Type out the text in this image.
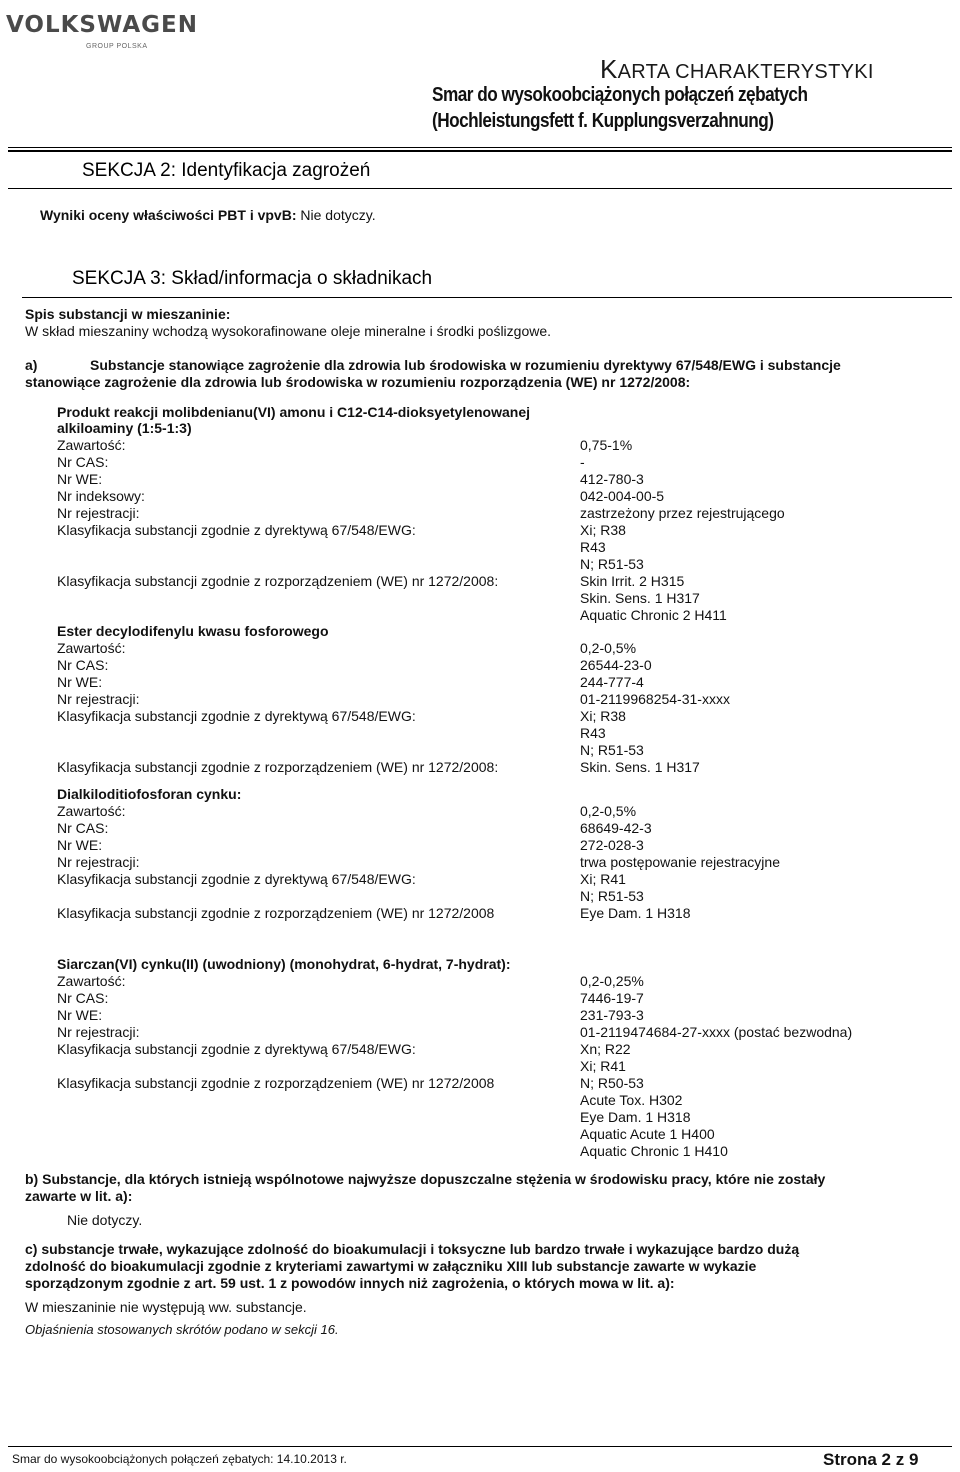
VOLKSWAGEN
GROUP POLSKA
KARTA CHARAKTERYSTYKI
Smar do wysokoobciążonych połączeń zębatych
(Hochleistungsfett f. Kupplungsverzahnung)
SEKCJA 2: Identyfikacja zagrożeń
Wyniki oceny właściwości PBT i vpvB: Nie dotyczy.
SEKCJA 3: Skład/informacja o składnikach
Spis substancji w mieszaninie:
W skład mieszaniny wchodzą wysokorafinowane oleje mineralne i środki poślizgowe.
a)	Substancje stanowiące zagrożenie dla zdrowia lub środowiska w rozumieniu dyrektywy 67/548/EWG i substancje
stanowiące zagrożenie dla zdrowia lub środowiska w rozumieniu rozporządzenia (WE) nr 1272/2008:
Produkt reakcji molibdenianu(VI) amonu i C12-C14-dioksyetylenowanej
alkiloaminy (1:5-1:3)
Zawartość:	0,75-1%
Nr CAS:	-
Nr WE:	412-780-3
Nr indeksowy:	042-004-00-5
Nr rejestracji:	zastrzeżony przez rejestrującego
Klasyfikacja substancji zgodnie z dyrektywą 67/548/EWG:	Xi; R38
R43
N; R51-53
Klasyfikacja substancji zgodnie z rozporządzeniem (WE) nr 1272/2008:	Skin Irrit. 2 H315
Skin. Sens. 1 H317
Aquatic Chronic 2 H411
Ester decylodifenylu kwasu fosforowego
Zawartość:	0,2-0,5%
Nr CAS:	26544-23-0
Nr WE:	244-777-4
Nr rejestracji:	01-2119968254-31-xxxx
Klasyfikacja substancji zgodnie z dyrektywą 67/548/EWG:	Xi; R38
R43
N; R51-53
Klasyfikacja substancji zgodnie z rozporządzeniem (WE) nr 1272/2008:	Skin. Sens. 1 H317
Dialkiloditiofosforan cynku:
Zawartość:	0,2-0,5%
Nr CAS:	68649-42-3
Nr WE:	272-028-3
Nr rejestracji:	trwa postępowanie rejestracyjne
Klasyfikacja substancji zgodnie z dyrektywą 67/548/EWG:	Xi; R41
N; R51-53
Klasyfikacja substancji zgodnie z rozporządzeniem (WE) nr 1272/2008	Eye Dam. 1 H318
Siarczan(VI) cynku(II) (uwodniony) (monohydrat, 6-hydrat, 7-hydrat):
Zawartość:	0,2-0,25%
Nr CAS:	7446-19-7
Nr WE:	231-793-3
Nr rejestracji:	01-2119474684-27-xxxx (postać bezwodna)
Klasyfikacja substancji zgodnie z dyrektywą 67/548/EWG:	Xn; R22
Xi; R41
Klasyfikacja substancji zgodnie z rozporządzeniem (WE) nr 1272/2008	N; R50-53
Acute Tox. H302
Eye Dam. 1 H318
Aquatic Acute 1 H400
Aquatic Chronic 1 H410
b) Substancje, dla których istnieją wspólnotowe najwyższe dopuszczalne stężenia w środowisku pracy, które nie zostały
zawarte w lit. a):
Nie dotyczy.
c) substancje trwałe, wykazujące zdolność do bioakumulacji i toksyczne lub bardzo trwałe i wykazujące bardzo dużą
zdolność do bioakumulacji zgodnie z kryteriami zawartymi w załączniku XIII lub substancje zawarte w wykazie
sporządzonym zgodnie z art. 59 ust. 1 z powodów innych niż zagrożenia, o których mowa w lit. a):
W mieszaninie nie występują ww. substancje.
Objaśnienia stosowanych skrótów podano w sekcji 16.
Smar do wysokoobciążonych połączeń zębatych: 14.10.2013 r.	Strona 2 z 9
